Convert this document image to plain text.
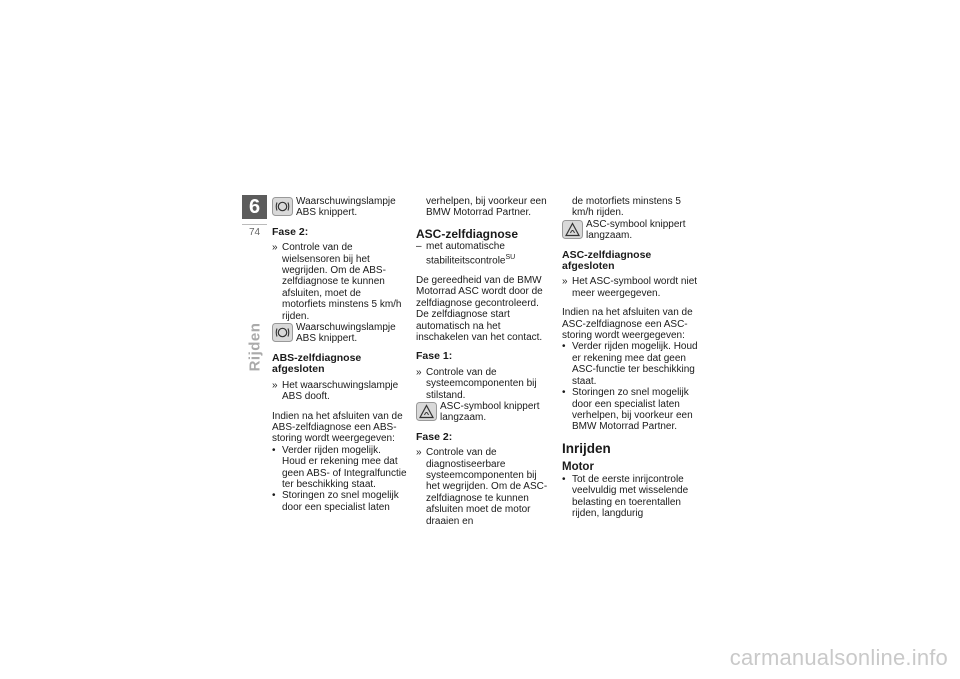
6
74
Rijden

Waarschuwingslampje ABS knippert.

Fase 2:

» Controle van de wielsensoren bij het wegrijden. Om de ABS-zelfdiagnose te kunnen afsluiten, moet de motorfiets minstens 5 km/h rijden.

Waarschuwingslampje ABS knippert.

ABS-zelfdiagnose afgesloten

» Het waarschuwingslampje ABS dooft.

Indien na het afsluiten van de ABS-zelfdiagnose een ABS-storing wordt weergegeven:

• Verder rijden mogelijk. Houd er rekening mee dat geen ABS- of Integralfunctie ter beschikking staat.

• Storingen zo snel mogelijk door een specialist laten

verhelpen, bij voorkeur een BMW Motorrad Partner.

ASC-zelfdiagnose

– met automatische stabiliteitscontrole$^{SU}$

De gereedheid van de BMW Motorrad ASC wordt door de zelfdiagnose gecontroleerd. De zelfdiagnose start automatisch na het inschakelen van het contact.

Fase 1:

» Controle van de systeemcomponenten bij stilstand.

ASC-symbool knippert langzaam.

Fase 2:

» Controle van de diagnostiseerbare systeemcomponenten bij het wegrijden. Om de ASC-zelfdiagnose te kunnen afsluiten moet de motor draaien en

de motorfiets minstens 5 km/h rijden.

ASC-symbool knippert langzaam.

ASC-zelfdiagnose afgesloten

» Het ASC-symbool wordt niet meer weergegeven.

Indien na het afsluiten van de ASC-zelfdiagnose een ASC-storing wordt weergegeven:

• Verder rijden mogelijk. Houd er rekening mee dat geen ASC-functie ter beschikking staat.

• Storingen zo snel mogelijk door een specialist laten verhelpen, bij voorkeur een BMW Motorrad Partner.

Inrijden

Motor

• Tot de eerste inrijcontrole veelvuldig met wisselende belasting en toerentallen rijden, langdurig

carmanualsonline.info
